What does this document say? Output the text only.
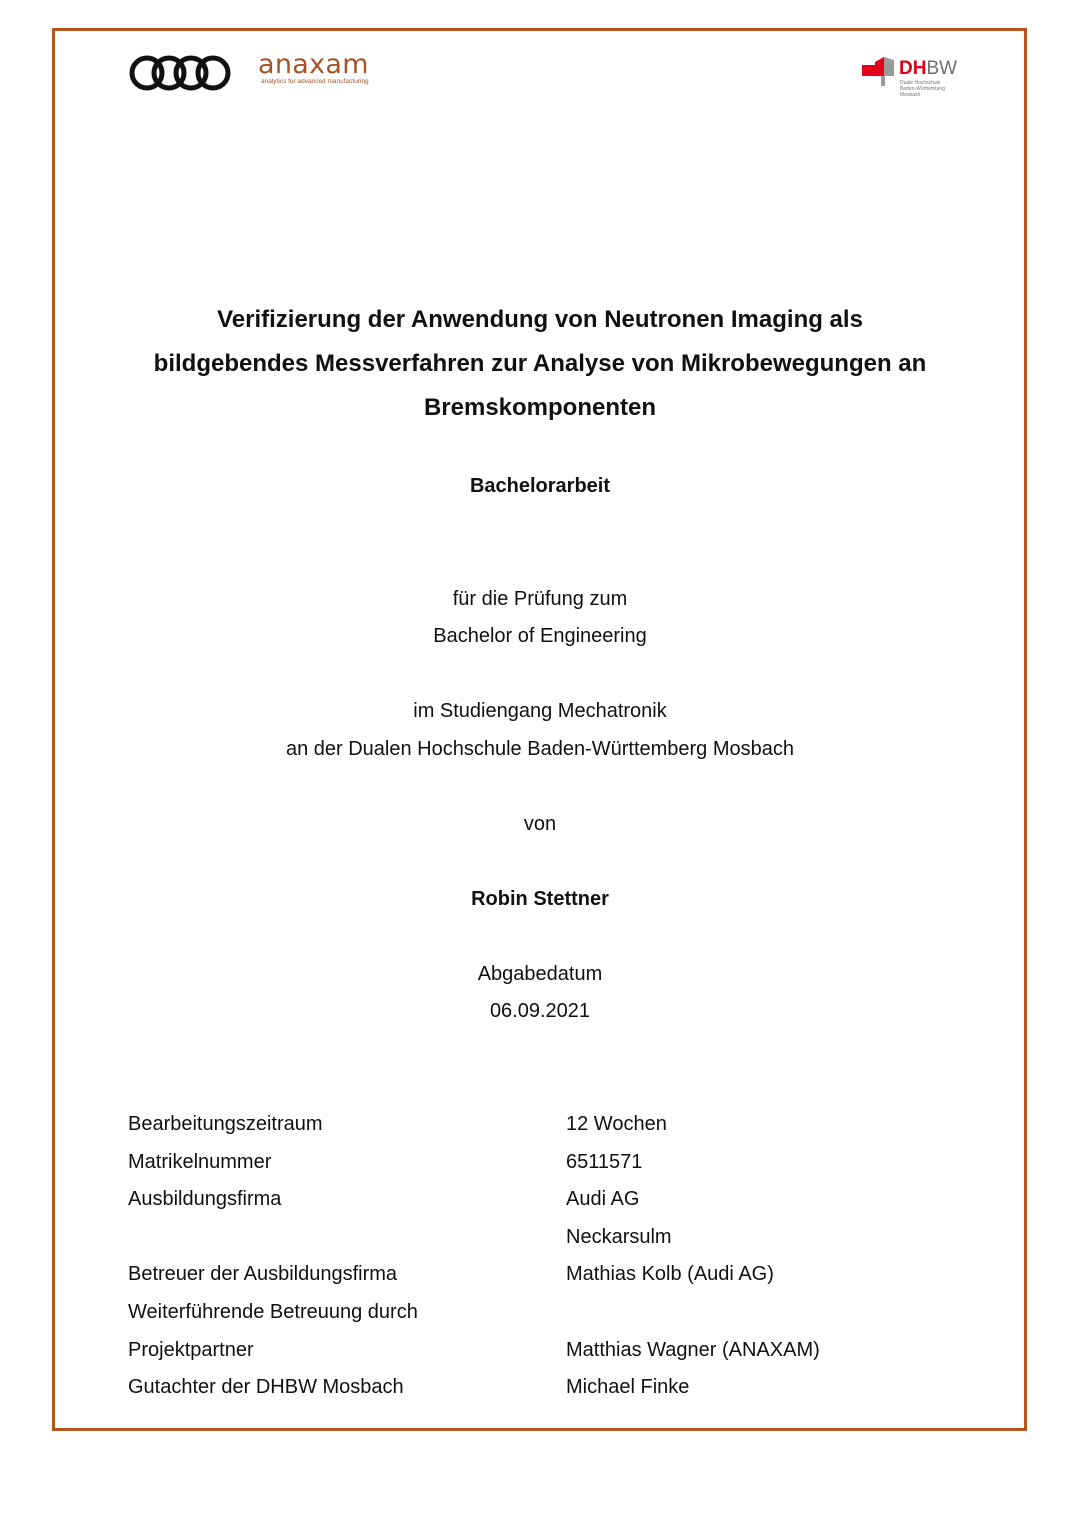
anaxam
analytics for advanced manufacturing
DHBW
Duale Hochschule
Baden-Württemberg
Mosbach
Verifizierung der Anwendung von Neutronen Imaging als
bildgebendes Messverfahren zur Analyse von Mikrobewegungen an
Bremskomponenten
Bachelorarbeit
für die Prüfung zum
Bachelor of Engineering
im Studiengang Mechatronik
an der Dualen Hochschule Baden-Württemberg Mosbach
von
Robin Stettner
Abgabedatum
06.09.2021
Bearbeitungszeitraum	12 Wochen
Matrikelnummer	6511571
Ausbildungsfirma	Audi AG
Neckarsulm
Betreuer der Ausbildungsfirma	Mathias Kolb (Audi AG)
Weiterführende Betreuung durch
Projektpartner	Matthias Wagner (ANAXAM)
Gutachter der DHBW Mosbach	Michael Finke
